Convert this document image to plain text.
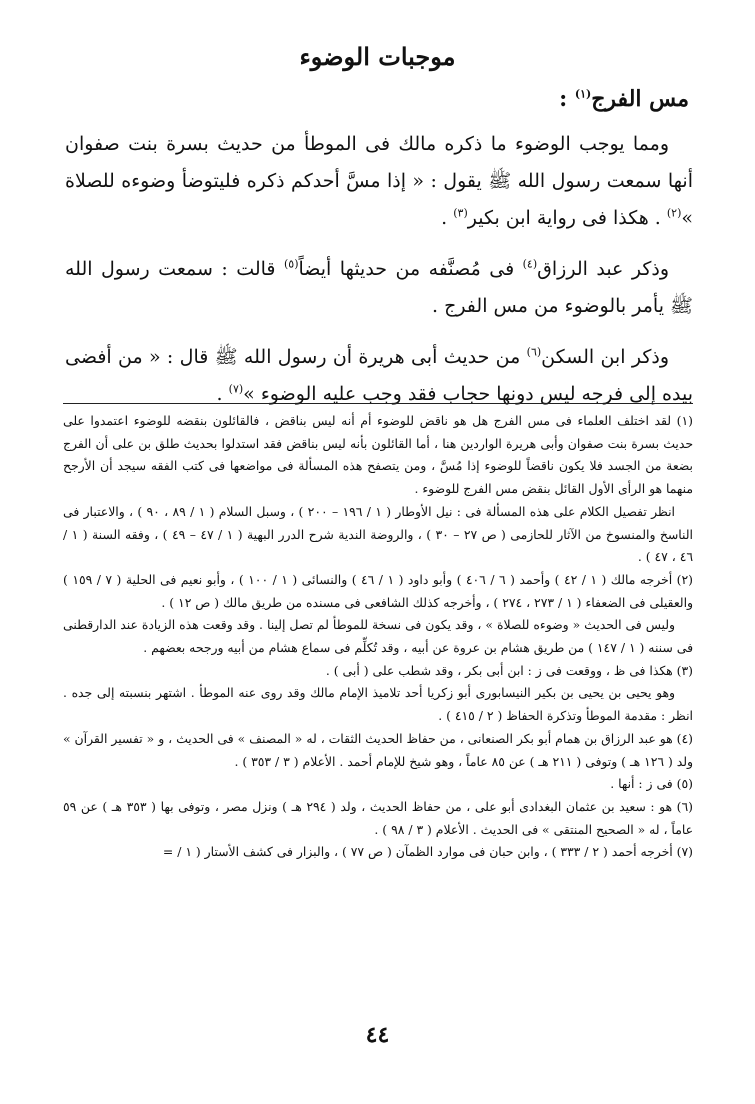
موجبات الوضوء
مس الفرج$^{(١)}$ :

ومما يوجب الوضوء ما ذكره مالك فى الموطأ من حديث بسرة بنت صفوان أنها سمعت رسول الله ﷺ يقول : « إذا مسَّ أحدكم ذكره فليتوضأ وضوءه للصلاة »$^{(٢)}$ . هكذا فى رواية ابن بكير$^{(٣)}$ .

وذكر عبد الرزاق$^{(٤)}$ فى مُصنَّفه من حديثها أيضاً$^{(٥)}$ قالت : سمعت رسول الله ﷺ يأمر بالوضوء من مس الفرج .

وذكر ابن السكن$^{(٦)}$ من حديث أبى هريرة أن رسول الله ﷺ قال : « من أفضى بيده إلى فرجه ليس دونها حجاب فقد وجب عليه الوضوء »$^{(٧)}$ .

(١) لقد اختلف العلماء فى مس الفرج هل هو ناقض للوضوء أم أنه ليس بناقض ، فالقائلون بنقضه للوضوء اعتمدوا على حديث بسرة بنت صفوان وأبى هريرة الواردين هنا ، أما القائلون بأنه ليس بناقض فقد استدلوا بحديث طلق بن على أن الفرج بضعة من الجسد فلا يكون ناقضاً للوضوء إذا مُسَّ ، ومن يتصفح هذه المسألة فى مواضعها فى كتب الفقه سيجد أن الأرجح منهما هو الرأى الأول القائل بنقض مس الفرج للوضوء .

انظر تفصيل الكلام على هذه المسألة فى : نيل الأوطار ( ١ / ١٩٦ – ٢٠٠ ) ، وسبل السلام ( ١ / ٨٩ ، ٩٠ ) ، والاعتبار فى الناسخ والمنسوخ من الآثار للحازمى ( ص ٢٧ – ٣٠ ) ، والروضة الندية شرح الدرر البهية ( ١ / ٤٧ – ٤٩ ) ، وفقه السنة ( ١ / ٤٦ ، ٤٧ ) .

(٢) أخرجه مالك ( ١ / ٤٢ ) وأحمد ( ٦ / ٤٠٦ ) وأبو داود ( ١ / ٤٦ ) والنسائى ( ١ / ١٠٠ ) ، وأبو نعيم فى الحلية ( ٧ / ١٥٩ ) والعقيلى فى الضعفاء ( ١ / ٢٧٣ ، ٢٧٤ ) ، وأخرجه كذلك الشافعى فى مسنده من طريق مالك ( ص ١٢ ) .

وليس فى الحديث « وضوءه للصلاة » ، وقد يكون فى نسخة للموطأ لم تصل إلينا . وقد وقعت هذه الزيادة عند الدارقطنى فى سننه ( ١ / ١٤٧ ) من طريق هشام بن عروة عن أبيه ، وقد تُكلِّم فى سماع هشام من أبيه ورجحه بعضهم .

(٣) هكذا فى ظ ، ووقعت فى ز : ابن أبى بكر ، وقد شطب على ( أبى ) .

وهو يحيى بن يحيى بن بكير النيسابورى أبو زكريا أحد تلاميذ الإمام مالك وقد روى عنه الموطأ . اشتهر بنسبته إلى جده . انظر : مقدمة الموطأ وتذكرة الحفاظ ( ٢ / ٤١٥ ) .

(٤) هو عبد الرزاق بن همام أبو بكر الصنعانى ، من حفاظ الحديث الثقات ، له « المصنف » فى الحديث ، و « تفسير القرآن » ولد ( ١٢٦ هـ ) وتوفى ( ٢١١ هـ ) عن ٨٥ عاماً ، وهو شيخ للإمام أحمد . الأعلام ( ٣ / ٣٥٣ ) .

(٥) فى ز : أنها .

(٦) هو : سعيد بن عثمان البغدادى أبو على ، من حفاظ الحديث ، ولد ( ٢٩٤ هـ ) ونزل مصر ، وتوفى بها ( ٣٥٣ هـ ) عن ٥٩ عاماً ، له « الصحيح المنتقى » فى الحديث . الأعلام ( ٣ / ٩٨ ) .

(٧) أخرجه أحمد ( ٢ / ٣٣٣ ) ، وابن حبان فى موارد الظمآن ( ص ٧٧ ) ، والبزار فى كشف الأستار ( ١ / =

٤٤
